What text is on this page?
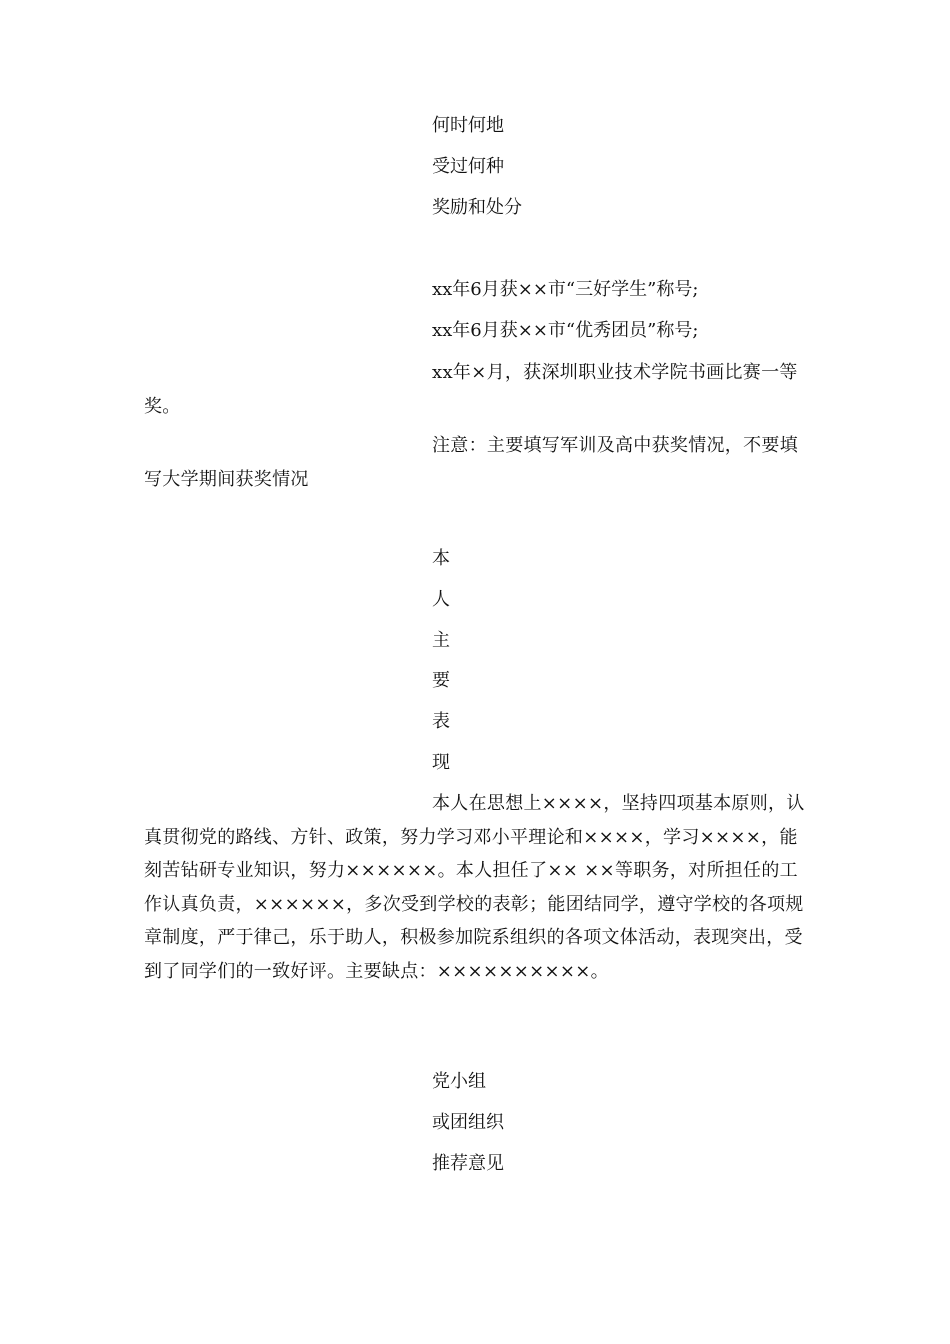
何时何地
受过何种
奖励和处分
xx年6月获××市“三好学生”称号;
xx年6月获××市“优秀团员”称号;

xx年×月，获深圳职业技术学院书画比赛一等奖。

注意：主要填写军训及高中获奖情况，不要填写大学期间获奖情况

本
人
主
要
表
现

本人在思想上××××，坚持四项基本原则，认真贯彻党的路线、方针、政策，努力学习邓小平理论和××××，学习××××，能刻苦钻研专业知识，努力××××××。本人担任了×× ××等职务，对所担任的工作认真负责，××××××，多次受到学校的表彰；能团结同学，遵守学校的各项规章制度，严于律己，乐于助人，积极参加院系组织的各项文体活动，表现突出，受到了同学们的一致好评。主要缺点：××××××××××。

党小组
或团组织
推荐意见
